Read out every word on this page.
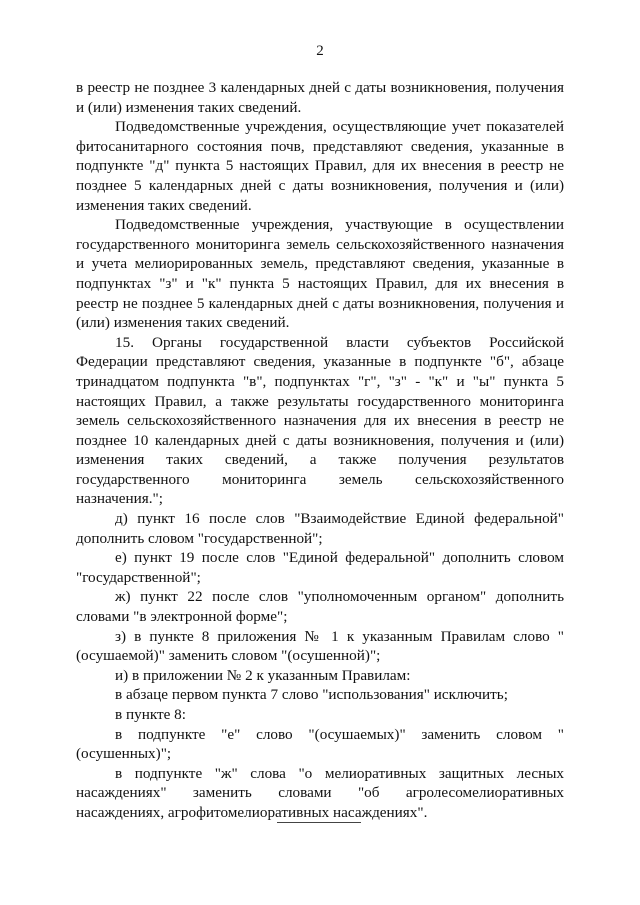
2

в реестр не позднее 3 календарных дней с даты возникновения, получения и (или) изменения таких сведений.

Подведомственные учреждения, осуществляющие учет показателей фитосанитарного состояния почв, представляют сведения, указанные в подпункте "д" пункта 5 настоящих Правил, для их внесения в реестр не позднее 5 календарных дней с даты возникновения, получения и (или) изменения таких сведений.

Подведомственные учреждения, участвующие в осуществлении государственного мониторинга земель сельскохозяйственного назначения и учета мелиорированных земель, представляют сведения, указанные в подпунктах "з" и "к" пункта 5 настоящих Правил, для их внесения в реестр не позднее 5 календарных дней с даты возникновения, получения и (или) изменения таких сведений.

15. Органы государственной власти субъектов Российской Федерации представляют сведения, указанные в подпункте "б", абзаце тринадцатом подпункта "в", подпунктах "г", "з" - "к" и "ы" пункта 5 настоящих Правил, а также результаты государственного мониторинга земель сельскохозяйственного назначения для их внесения в реестр не позднее 10 календарных дней с даты возникновения, получения и (или) изменения таких сведений, а также получения результатов государственного мониторинга земель сельскохозяйственного назначения.";

д) пункт 16 после слов "Взаимодействие Единой федеральной" дополнить словом "государственной";

е) пункт 19 после слов "Единой федеральной" дополнить словом "государственной";

ж) пункт 22 после слов "уполномоченным органом" дополнить словами "в электронной форме";

з) в пункте 8 приложения № 1 к указанным Правилам слово "(осушаемой)" заменить словом "(осушенной)";

и) в приложении № 2 к указанным Правилам:

в абзаце первом пункта 7 слово "использования" исключить;

в пункте 8:

в подпункте "е" слово "(осушаемых)" заменить словом "(осушенных)";

в подпункте "ж" слова "о мелиоративных защитных лесных насаждениях" заменить словами "об агролесомелиоративных насаждениях, агрофитомелиоративных насаждениях".
